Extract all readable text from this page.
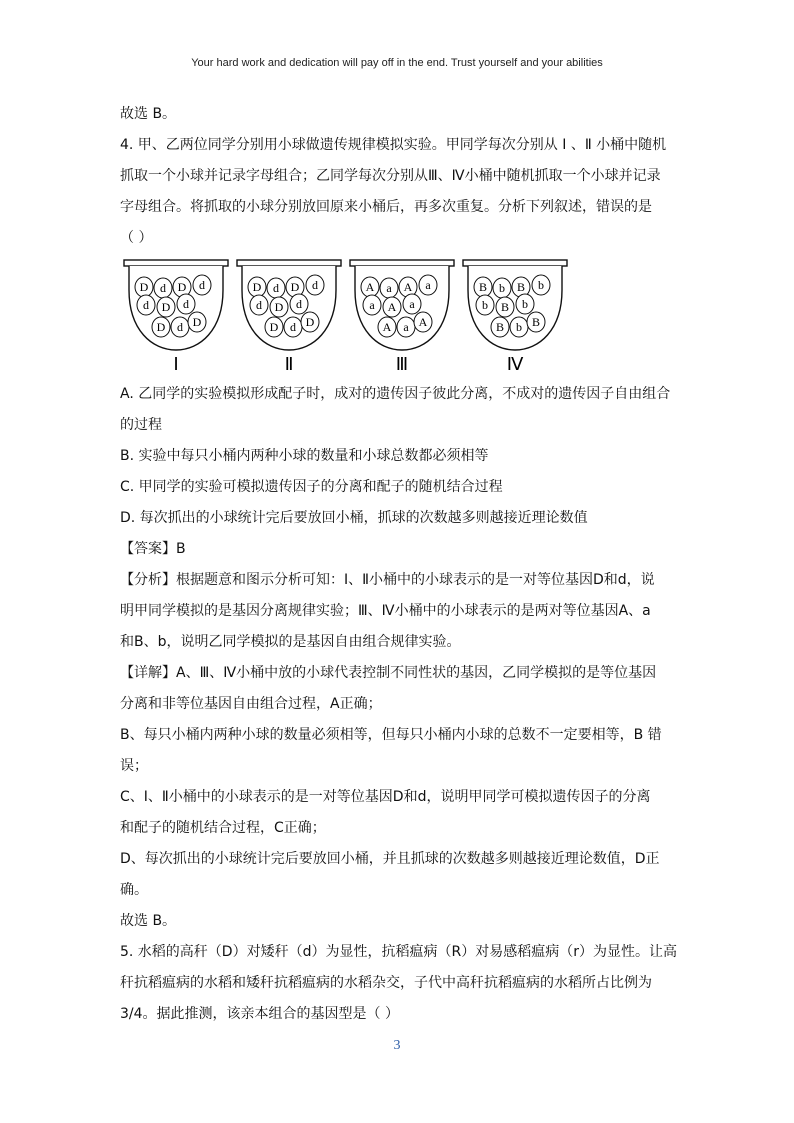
Your hard work and dedication will pay off in the end. Trust yourself and your abilities
故选 B。
4. 甲、乙两位同学分别用小球做遗传规律模拟实验。甲同学每次分别从 Ⅰ 、Ⅱ 小桶中随机
抓取一个小球并记录字母组合；乙同学每次分别从Ⅲ、Ⅳ小桶中随机抓取一个小球并记录
字母组合。将抓取的小球分别放回原来小桶后，再多次重复。分析下列叙述，错误的是
（ ）
D d D d
d D d
D d D
Ⅰ
D d D d
d D d
D d D
Ⅱ
A a A a
a A a
A a A
Ⅲ
B b B b
b B b
B b B
Ⅳ
A. 乙同学的实验模拟形成配子时，成对的遗传因子彼此分离，不成对的遗传因子自由组合
的过程
B. 实验中每只小桶内两种小球的数量和小球总数都必须相等
C. 甲同学的实验可模拟遗传因子的分离和配子的随机结合过程
D. 每次抓出的小球统计完后要放回小桶，抓球的次数越多则越接近理论数值
【答案】B
【分析】根据题意和图示分析可知：Ⅰ、Ⅱ小桶中的小球表示的是一对等位基因D和d，说
明甲同学模拟的是基因分离规律实验；Ⅲ、Ⅳ小桶中的小球表示的是两对等位基因A、a
和B、b，说明乙同学模拟的是基因自由组合规律实验。
【详解】A、Ⅲ、Ⅳ小桶中放的小球代表控制不同性状的基因，乙同学模拟的是等位基因
分离和非等位基因自由组合过程，A正确；
B、每只小桶内两种小球的数量必须相等，但每只小桶内小球的总数不一定要相等，B 错
误；
C、Ⅰ、Ⅱ小桶中的小球表示的是一对等位基因D和d，说明甲同学可模拟遗传因子的分离
和配子的随机结合过程，C正确；
D、每次抓出的小球统计完后要放回小桶，并且抓球的次数越多则越接近理论数值，D正
确。
故选 B。
5. 水稻的高秆（D）对矮秆（d）为显性，抗稻瘟病（R）对易感稻瘟病（r）为显性。让高
秆抗稻瘟病的水稻和矮秆抗稻瘟病的水稻杂交，子代中高秆抗稻瘟病的水稻所占比例为
3/4。据此推测，该亲本组合的基因型是（ ）
3
